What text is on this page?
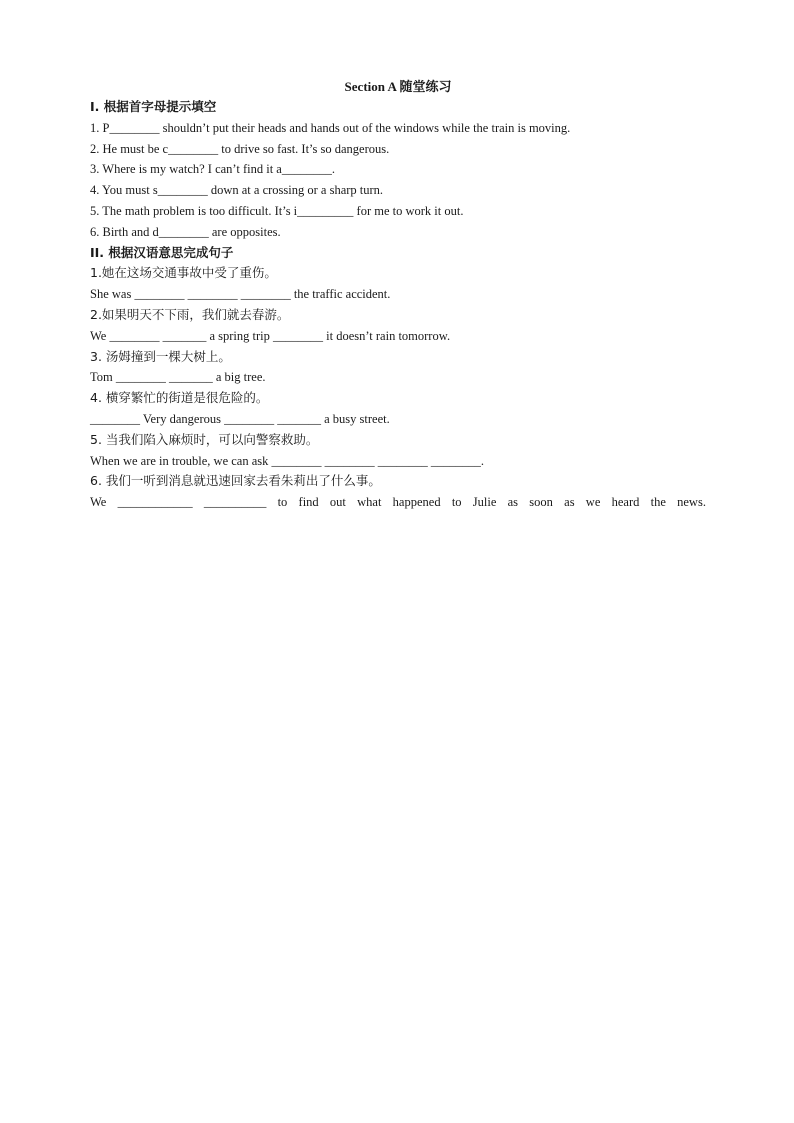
Section A 随堂练习

I. 根据首字母提示填空

1. P________ shouldn’t put their heads and hands out of the windows while the train is moving.

2. He must be c________ to drive so fast. It’s so dangerous.

3. Where is my watch? I can’t find it a________.

4. You must s________ down at a crossing or a sharp turn.

5. The math problem is too difficult. It’s i_________ for me to work it out.

6. Birth and d________ are opposites.

II. 根据汉语意思完成句子

1.她在这场交通事故中受了重伤。

She was ________ ________ ________ the traffic accident.

2.如果明天不下雨，我们就去春游。

We ________ _______ a spring trip ________ it doesn’t rain tomorrow.

3. 汤姆撞到一棵大树上。

Tom ________ _______ a big tree.

4. 横穿繁忙的街道是很危险的。

________ Very dangerous ________ _______ a busy street.

5. 当我们陷入麻烦时，可以向警察救助。

When we are in trouble, we can ask ________ ________ ________ ________.

6. 我们一听到消息就迅速回家去看朱莉出了什么事。

We ____________ __________ to find out what happened to Julie as soon as we heard the news.
